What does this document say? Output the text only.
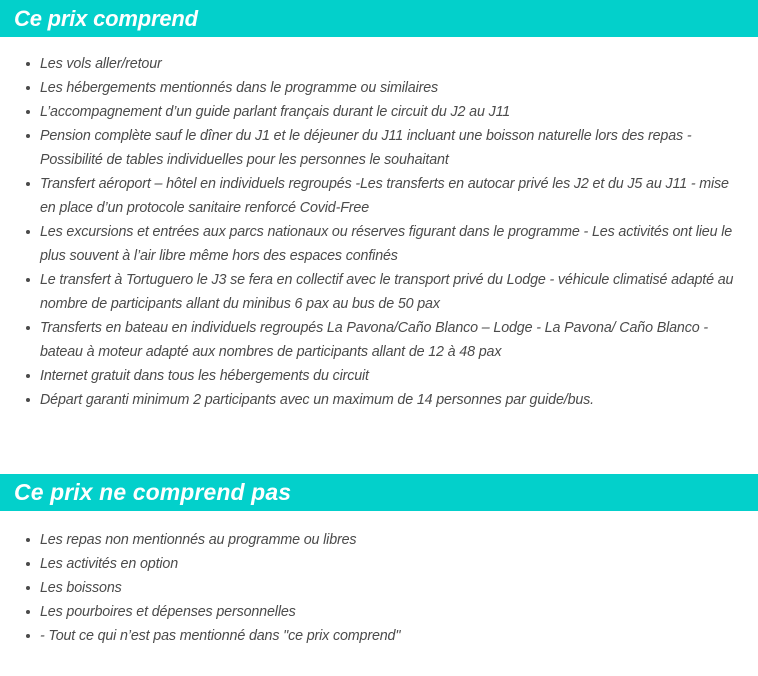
Ce prix comprend
Les vols aller/retour
Les hébergements mentionnés dans le programme ou similaires
L’accompagnement d’un guide parlant français durant le circuit du J2 au J11
Pension complète sauf le dîner du J1 et le déjeuner du J11 incluant une boisson naturelle lors des repas - Possibilité de tables individuelles pour les personnes le souhaitant
Transfert aéroport – hôtel en individuels regroupés -Les transferts en autocar privé les J2 et du J5 au J11 - mise en place d’un protocole sanitaire renforcé Covid-Free
Les excursions et entrées aux parcs nationaux ou réserves figurant dans le programme - Les activités ont lieu le plus souvent à l’air libre même hors des espaces confinés
Le transfert à Tortuguero le J3 se fera en collectif avec le transport privé du Lodge - véhicule climatisé adapté au nombre de participants allant du minibus 6 pax au bus de 50 pax
Transferts en bateau en individuels regroupés La Pavona/Caño Blanco – Lodge - La Pavona/ Caño Blanco - bateau à moteur adapté aux nombres de participants allant de 12 à 48 pax
Internet gratuit dans tous les hébergements du circuit
Départ garanti minimum 2 participants avec un maximum de 14 personnes par guide/bus.
Ce prix ne comprend pas
Les repas non mentionnés au programme ou libres
Les activités en option
Les boissons
Les pourboires et dépenses personnelles
- Tout ce qui n’est pas mentionné dans "ce prix comprend"
